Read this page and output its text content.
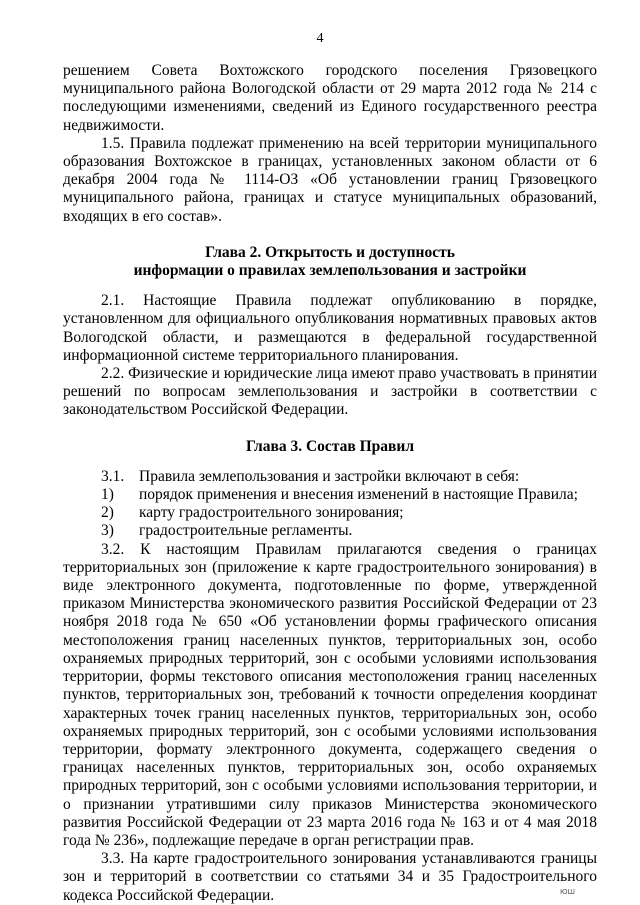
4

решением Совета Вохтожского городского поселения Грязовецкого муниципального района Вологодской области от 29 марта 2012 года № 214 с последующими изменениями, сведений из Единого государственного реестра недвижимости.

1.5. Правила подлежат применению на всей территории муниципального образования Вохтожское в границах, установленных законом области от 6 декабря 2004 года № 1114-ОЗ «Об установлении границ Грязовецкого муниципального района, границах и статусе муниципальных образований, входящих в его состав».

Глава 2. Открытость и доступность

информации о правилах землепользования и застройки

2.1. Настоящие Правила подлежат опубликованию в порядке, установленном для официального опубликования нормативных правовых актов Вологодской области, и размещаются в федеральной государственной информационной системе территориального планирования.

2.2. Физические и юридические лица имеют право участвовать в принятии решений по вопросам землепользования и застройки в соответствии с законодательством Российской Федерации.

Глава 3. Состав Правил

3.1. Правила землепользования и застройки включают в себя:
1)	порядок применения и внесения изменений в настоящие Правила;
2)	карту градостроительного зонирования;
3)	градостроительные регламенты.

3.2. К настоящим Правилам прилагаются сведения о границах территориальных зон (приложение к карте градостроительного зонирования) в виде электронного документа, подготовленные по форме, утвержденной приказом Министерства экономического развития Российской Федерации от 23 ноября 2018 года № 650 «Об установлении формы графического описания местоположения границ населенных пунктов, территориальных зон, особо охраняемых природных территорий, зон с особыми условиями использования территории, формы текстового описания местоположения границ населенных пунктов, территориальных зон, требований к точности определения координат характерных точек границ населенных пунктов, территориальных зон, особо охраняемых природных территорий, зон с особыми условиями использования территории, формату электронного документа, содержащего сведения о границах населенных пунктов, территориальных зон, особо охраняемых природных территорий, зон с особыми условиями использования территории, и о признании утратившими силу приказов Министерства экономического развития Российской Федерации от 23 марта 2016 года № 163 и от 4 мая 2018 года № 236», подлежащие передаче в орган регистрации прав.

3.3. На карте градостроительного зонирования устанавливаются границы зон и территорий в соответствии со статьями 34 и 35 Градостроительного кодекса Российской Федерации.	ЮШ
